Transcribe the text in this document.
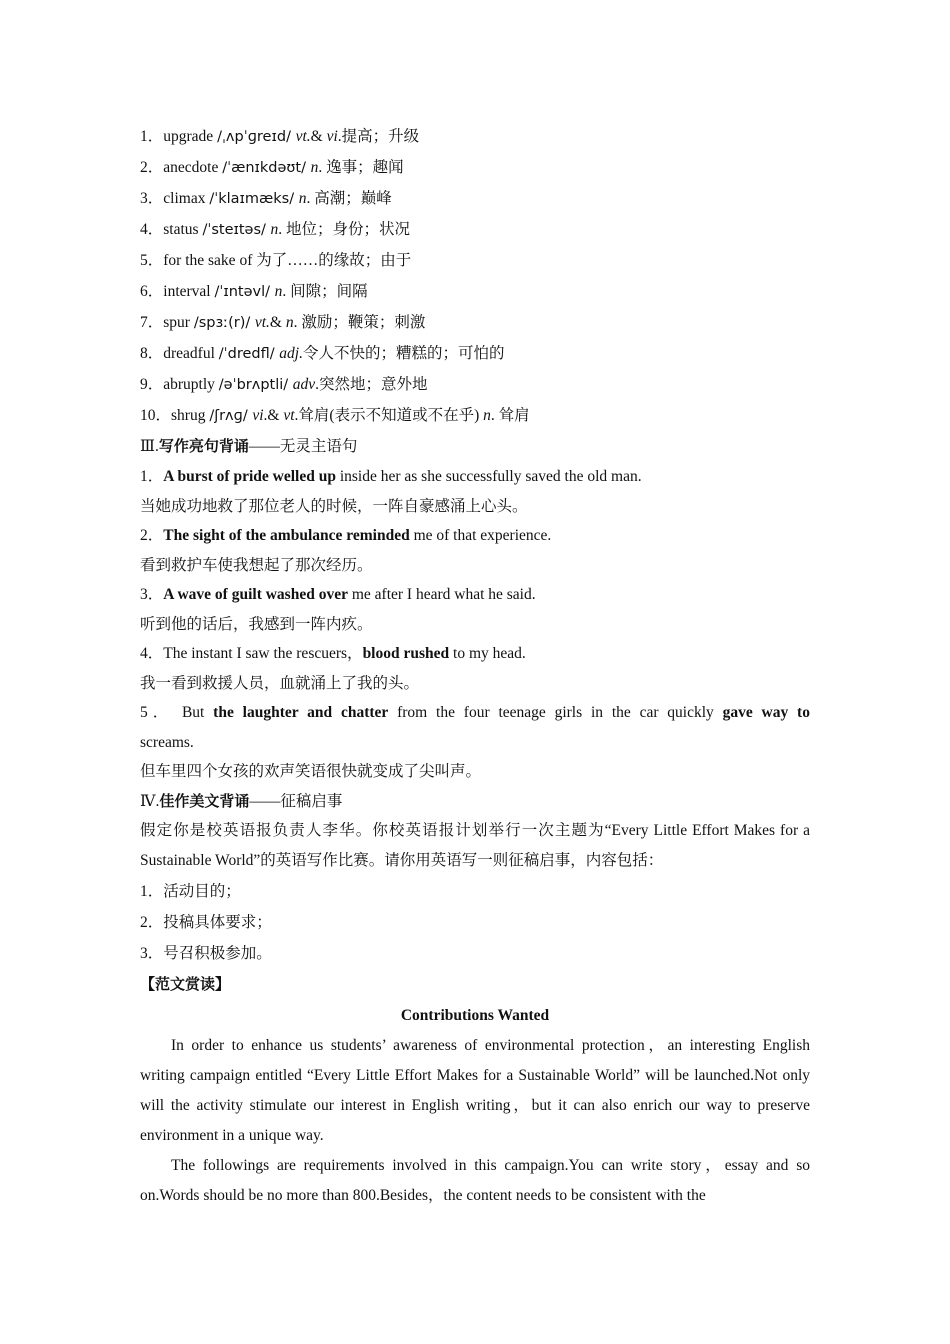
1．upgrade /ˌʌpˈɡreɪd/ vt.& vi.提高；升级
2．anecdote /ˈænɪkdəʊt/ n. 逸事；趣闻
3．climax /ˈklaɪmæks/ n. 高潮；巅峰
4．status /ˈsteɪtəs/ n. 地位；身份；状况
5．for the sake of 为了……的缘故；由于
6．interval /ˈɪntəvl/ n. 间隙；间隔
7．spur /spɜː(r)/ vt.& n. 激励；鞭策；刺激
8．dreadful /ˈdredfl/ adj.令人不快的；糟糕的；可怕的
9．abruptly /əˈbrʌptli/ adv.突然地；意外地
10．shrug /ʃrʌɡ/ vi.& vt.耸肩(表示不知道或不在乎) n. 耸肩
Ⅲ.写作亮句背诵——无灵主语句
1．A burst of pride welled up inside her as she successfully saved the old man.
当她成功地救了那位老人的时候，一阵自豪感涌上心头。
2．The sight of the ambulance reminded me of that experience.
看到救护车使我想起了那次经历。
3．A wave of guilt washed over me after I heard what he said.
听到他的话后，我感到一阵内疚。
4．The instant I saw the rescuers，blood rushed to my head.
我一看到救援人员，血就涌上了我的头。
5． But the laughter and chatter from the four teenage girls in the car quickly gave way to
screams.
但车里四个女孩的欢声笑语很快就变成了尖叫声。
Ⅳ.佳作美文背诵——征稿启事

假定你是校英语报负责人李华。你校英语报计划举行一次主题为“Every Little Effort Makes for a Sustainable World”的英语写作比赛。请你用英语写一则征稿启事，内容包括：

1．活动目的；
2．投稿具体要求；
3．号召积极参加。
【范文赏读】
Contributions Wanted

In order to enhance us students’ awareness of environmental protection，an interesting English writing campaign entitled “Every Little Effort Makes for a Sustainable World” will be launched.Not only will the activity stimulate our interest in English writing，but it can also enrich our way to preserve environment in a unique way.

The followings are requirements involved in this campaign.You can write story，essay and so on.Words should be no more than 800.Besides，the content needs to be consistent with the
